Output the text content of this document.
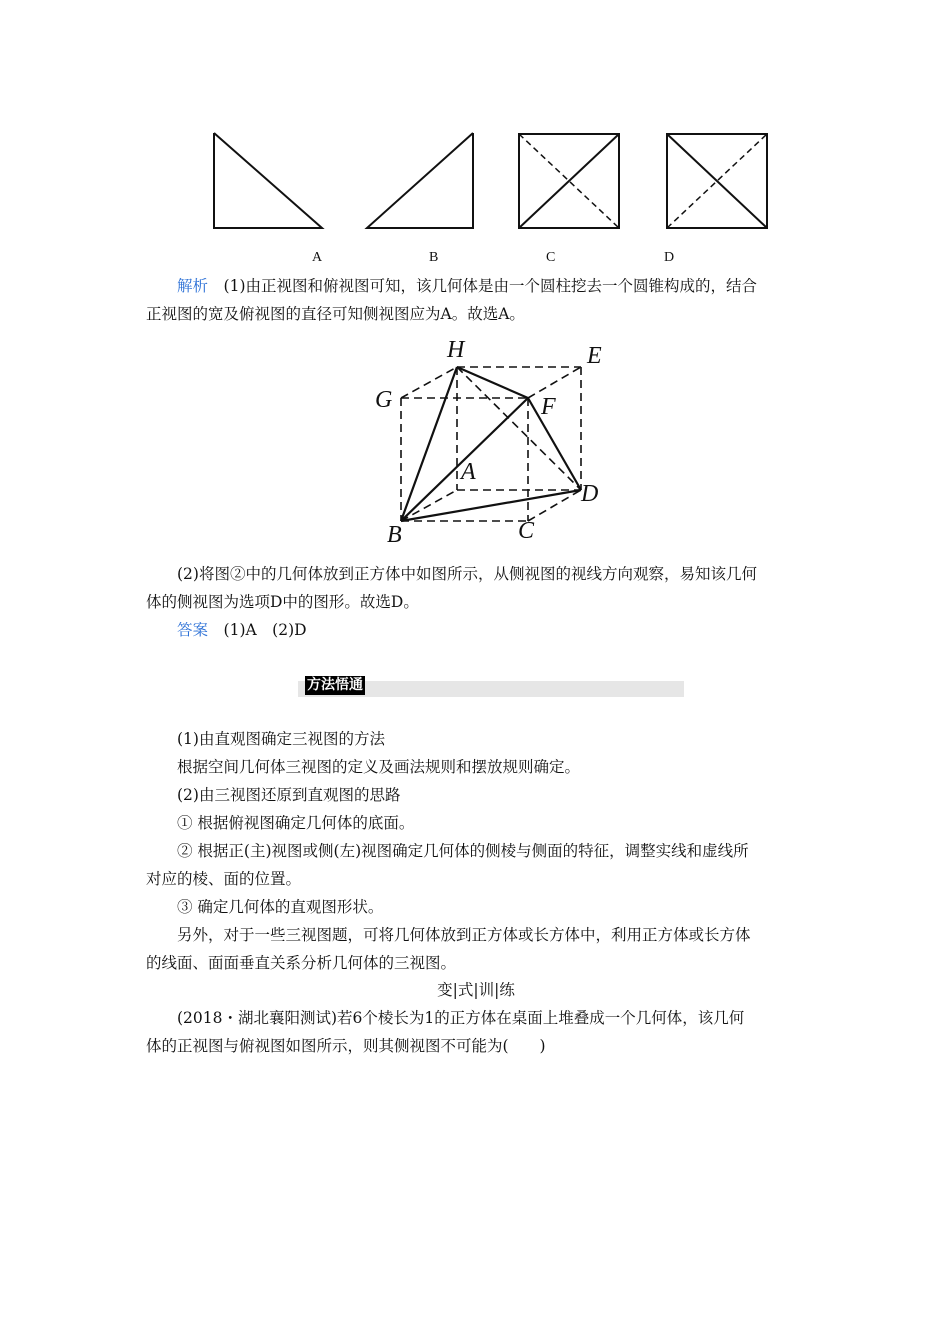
A	B	C	D
解析　 (1)由正视图和俯视图可知，该几何体是由一个圆柱挖去一个圆锥构成的，结合
正视图的宽及俯视图的直径可知侧视图应为A。故选A。
H	E
G	F
A
D
B	C
(2)将图②中的几何体放到正方体中如图所示，从侧视图的视线方向观察，易知该几何
体的侧视图为选项D中的图形。故选D。
答案　 (1)A　(2)D
方法悟通
(1)由直观图确定三视图的方法
根据空间几何体三视图的定义及画法规则和摆放规则确定。
(2)由三视图还原到直观图的思路
① 根据俯视图确定几何体的底面。
② 根据正(主)视图或侧(左)视图确定几何体的侧棱与侧面的特征，调整实线和虚线所
对应的棱、面的位置。
③ 确定几何体的直观图形状。
另外，对于一些三视图题，可将几何体放到正方体或长方体中，利用正方体或长方体
的线面、面面垂直关系分析几何体的三视图。
变|式|训|练
(2018・湖北襄阳测试)若6个棱长为1的正方体在桌面上堆叠成一个几何体，该几何
体的正视图与俯视图如图所示，则其侧视图不可能为(　　)
